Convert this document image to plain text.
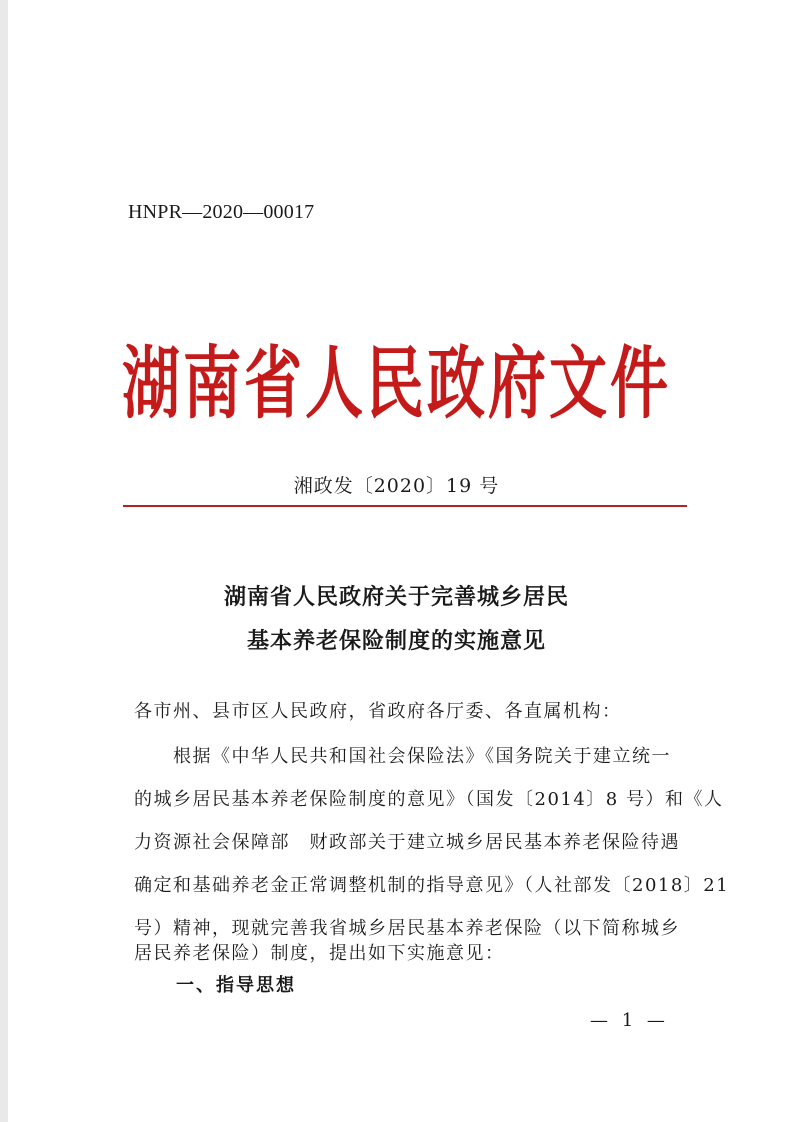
HNPR—2020—00017
湖南省人民政府文件
湘政发〔2020〕19 号
湖南省人民政府关于完善城乡居民
基本养老保险制度的实施意见
各市州、县市区人民政府，省政府各厅委、各直属机构：
根据《中华人民共和国社会保险法》《国务院关于建立统一
的城乡居民基本养老保险制度的意见》（国发〔2014〕8 号）和《人
力资源社会保障部　财政部关于建立城乡居民基本养老保险待遇
确定和基础养老金正常调整机制的指导意见》（人社部发〔2018〕21
号）精神，现就完善我省城乡居民基本养老保险（以下简称城乡
居民养老保险）制度，提出如下实施意见：
一、指导思想
— 1 —
